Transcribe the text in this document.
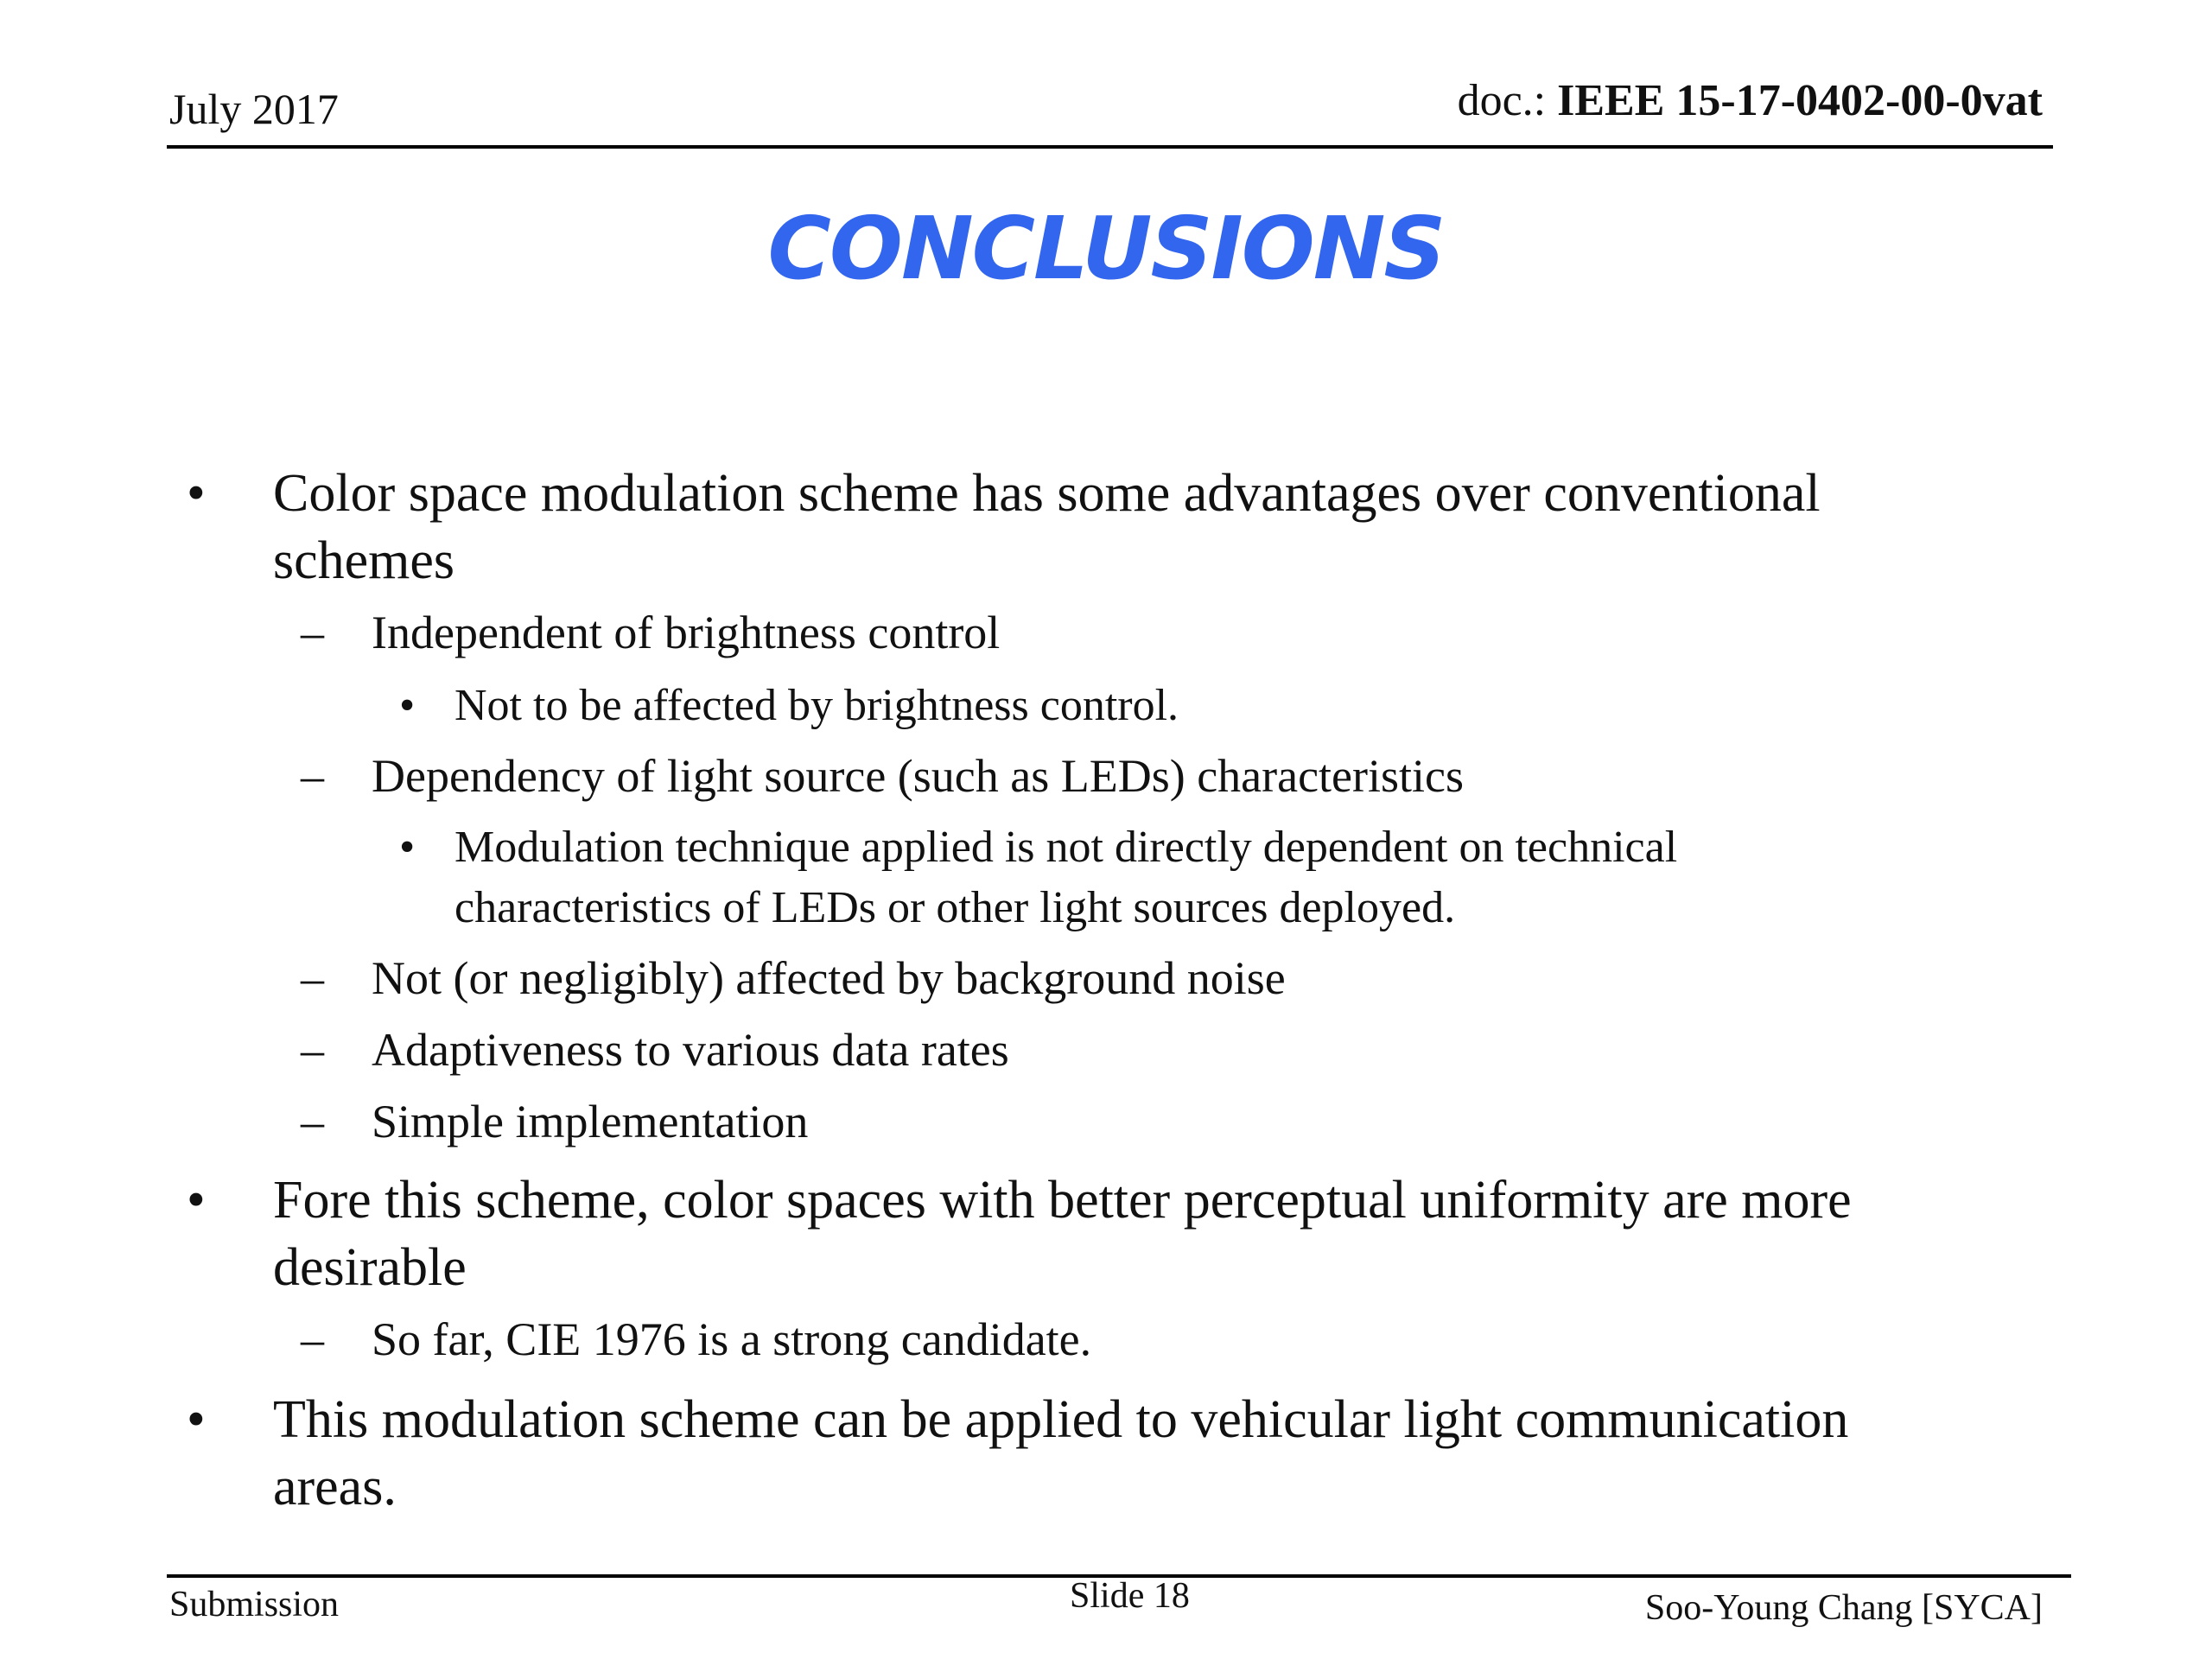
July 2017	doc.: IEEE 15-17-0402-00-0vat
CONCLUSIONS
• Color space modulation scheme has some advantages over conventional
schemes
– Independent of brightness control
• Not to be affected by brightness control.
– Dependency of light source (such as LEDs) characteristics
• Modulation technique applied is not directly dependent on technical
characteristics of LEDs or other light sources deployed.
– Not (or negligibly) affected by background noise
– Adaptiveness to various data rates
– Simple implementation
• Fore this scheme, color spaces with better perceptual uniformity are more
desirable
– So far, CIE 1976 is a strong candidate.
• This modulation scheme can be applied to vehicular light communication
areas.
Submission	Slide 18	Soo-Young Chang [SYCA]
